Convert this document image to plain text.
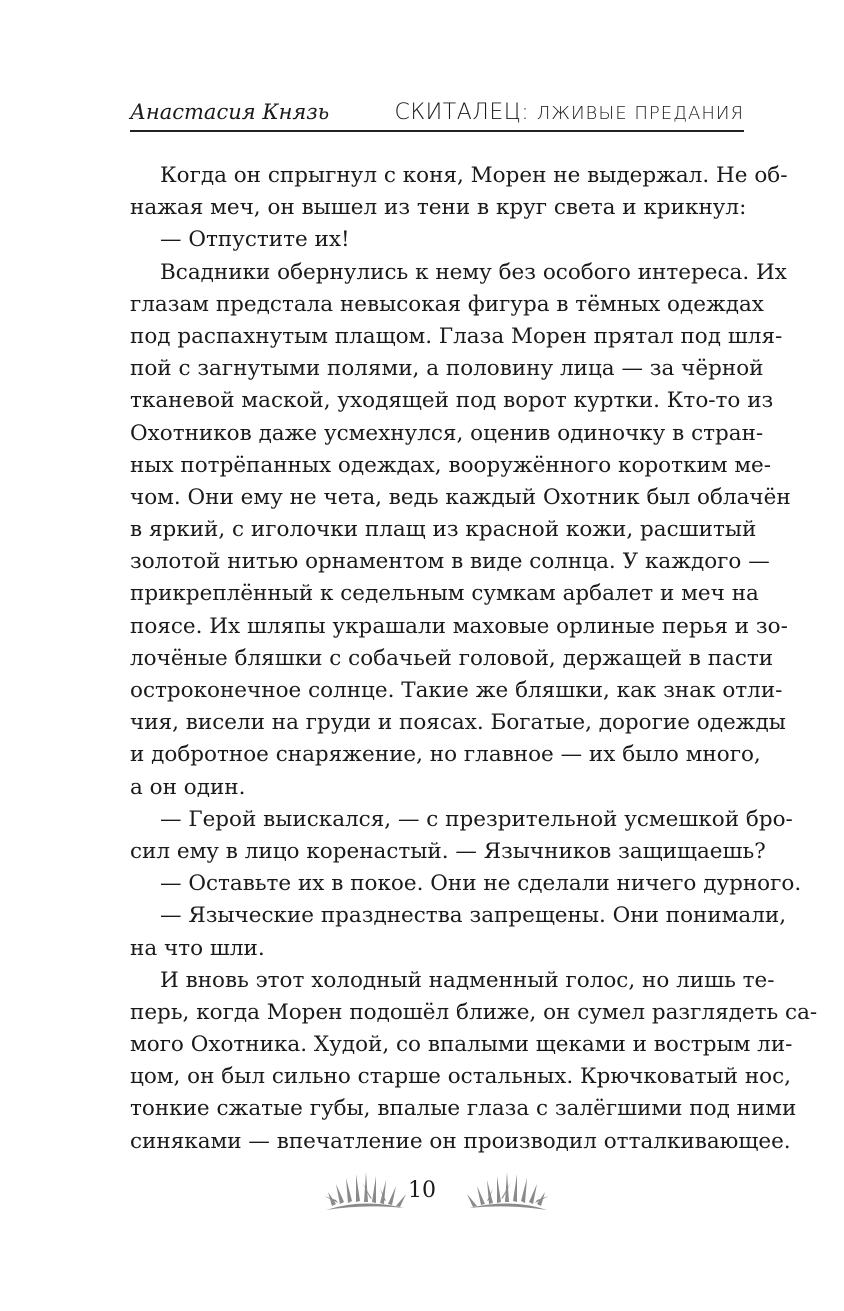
Анастасия Князь	СКИТАЛЕЦ: ЛЖИВЫЕ ПРЕДАНИЯ
Когда он спрыгнул с коня, Морен не выдержал. Не об-
нажая меч, он вышел из тени в круг света и крикнул:
— Отпустите их!
Всадники обернулись к нему без особого интереса. Их
глазам предстала невысокая фигура в тёмных одеждах
под распахнутым плащом. Глаза Морен прятал под шля-
пой с загнутыми полями, а половину лица — за чёрной
тканевой маской, уходящей под ворот куртки. Кто-то из
Охотников даже усмехнулся, оценив одиночку в стран-
ных потрёпанных одеждах, вооружённого коротким ме-
чом. Они ему не чета, ведь каждый Охотник был облачён
в яркий, с иголочки плащ из красной кожи, расшитый
золотой нитью орнаментом в виде солнца. У каждого —
прикреплённый к седельным сумкам арбалет и меч на
поясе. Их шляпы украшали маховые орлиные перья и зо-
лочёные бляшки с собачьей головой, держащей в пасти
остроконечное солнце. Такие же бляшки, как знак отли-
чия, висели на груди и поясах. Богатые, дорогие одежды
и добротное снаряжение, но главное — их было много,
а он один.
— Герой выискался, — с презрительной усмешкой бро-
сил ему в лицо коренастый. — Язычников защищаешь?
— Оставьте их в покое. Они не сделали ничего дурного.
— Языческие празднества запрещены. Они понимали,
на что шли.
И вновь этот холодный надменный голос, но лишь те-
перь, когда Морен подошёл ближе, он сумел разглядеть са-
мого Охотника. Худой, со впалыми щеками и вострым ли-
цом, он был сильно старше остальных. Крючковатый нос,
тонкие сжатые губы, впалые глаза с залёгшими под ними
синяками — впечатление он производил отталкивающее.
10
